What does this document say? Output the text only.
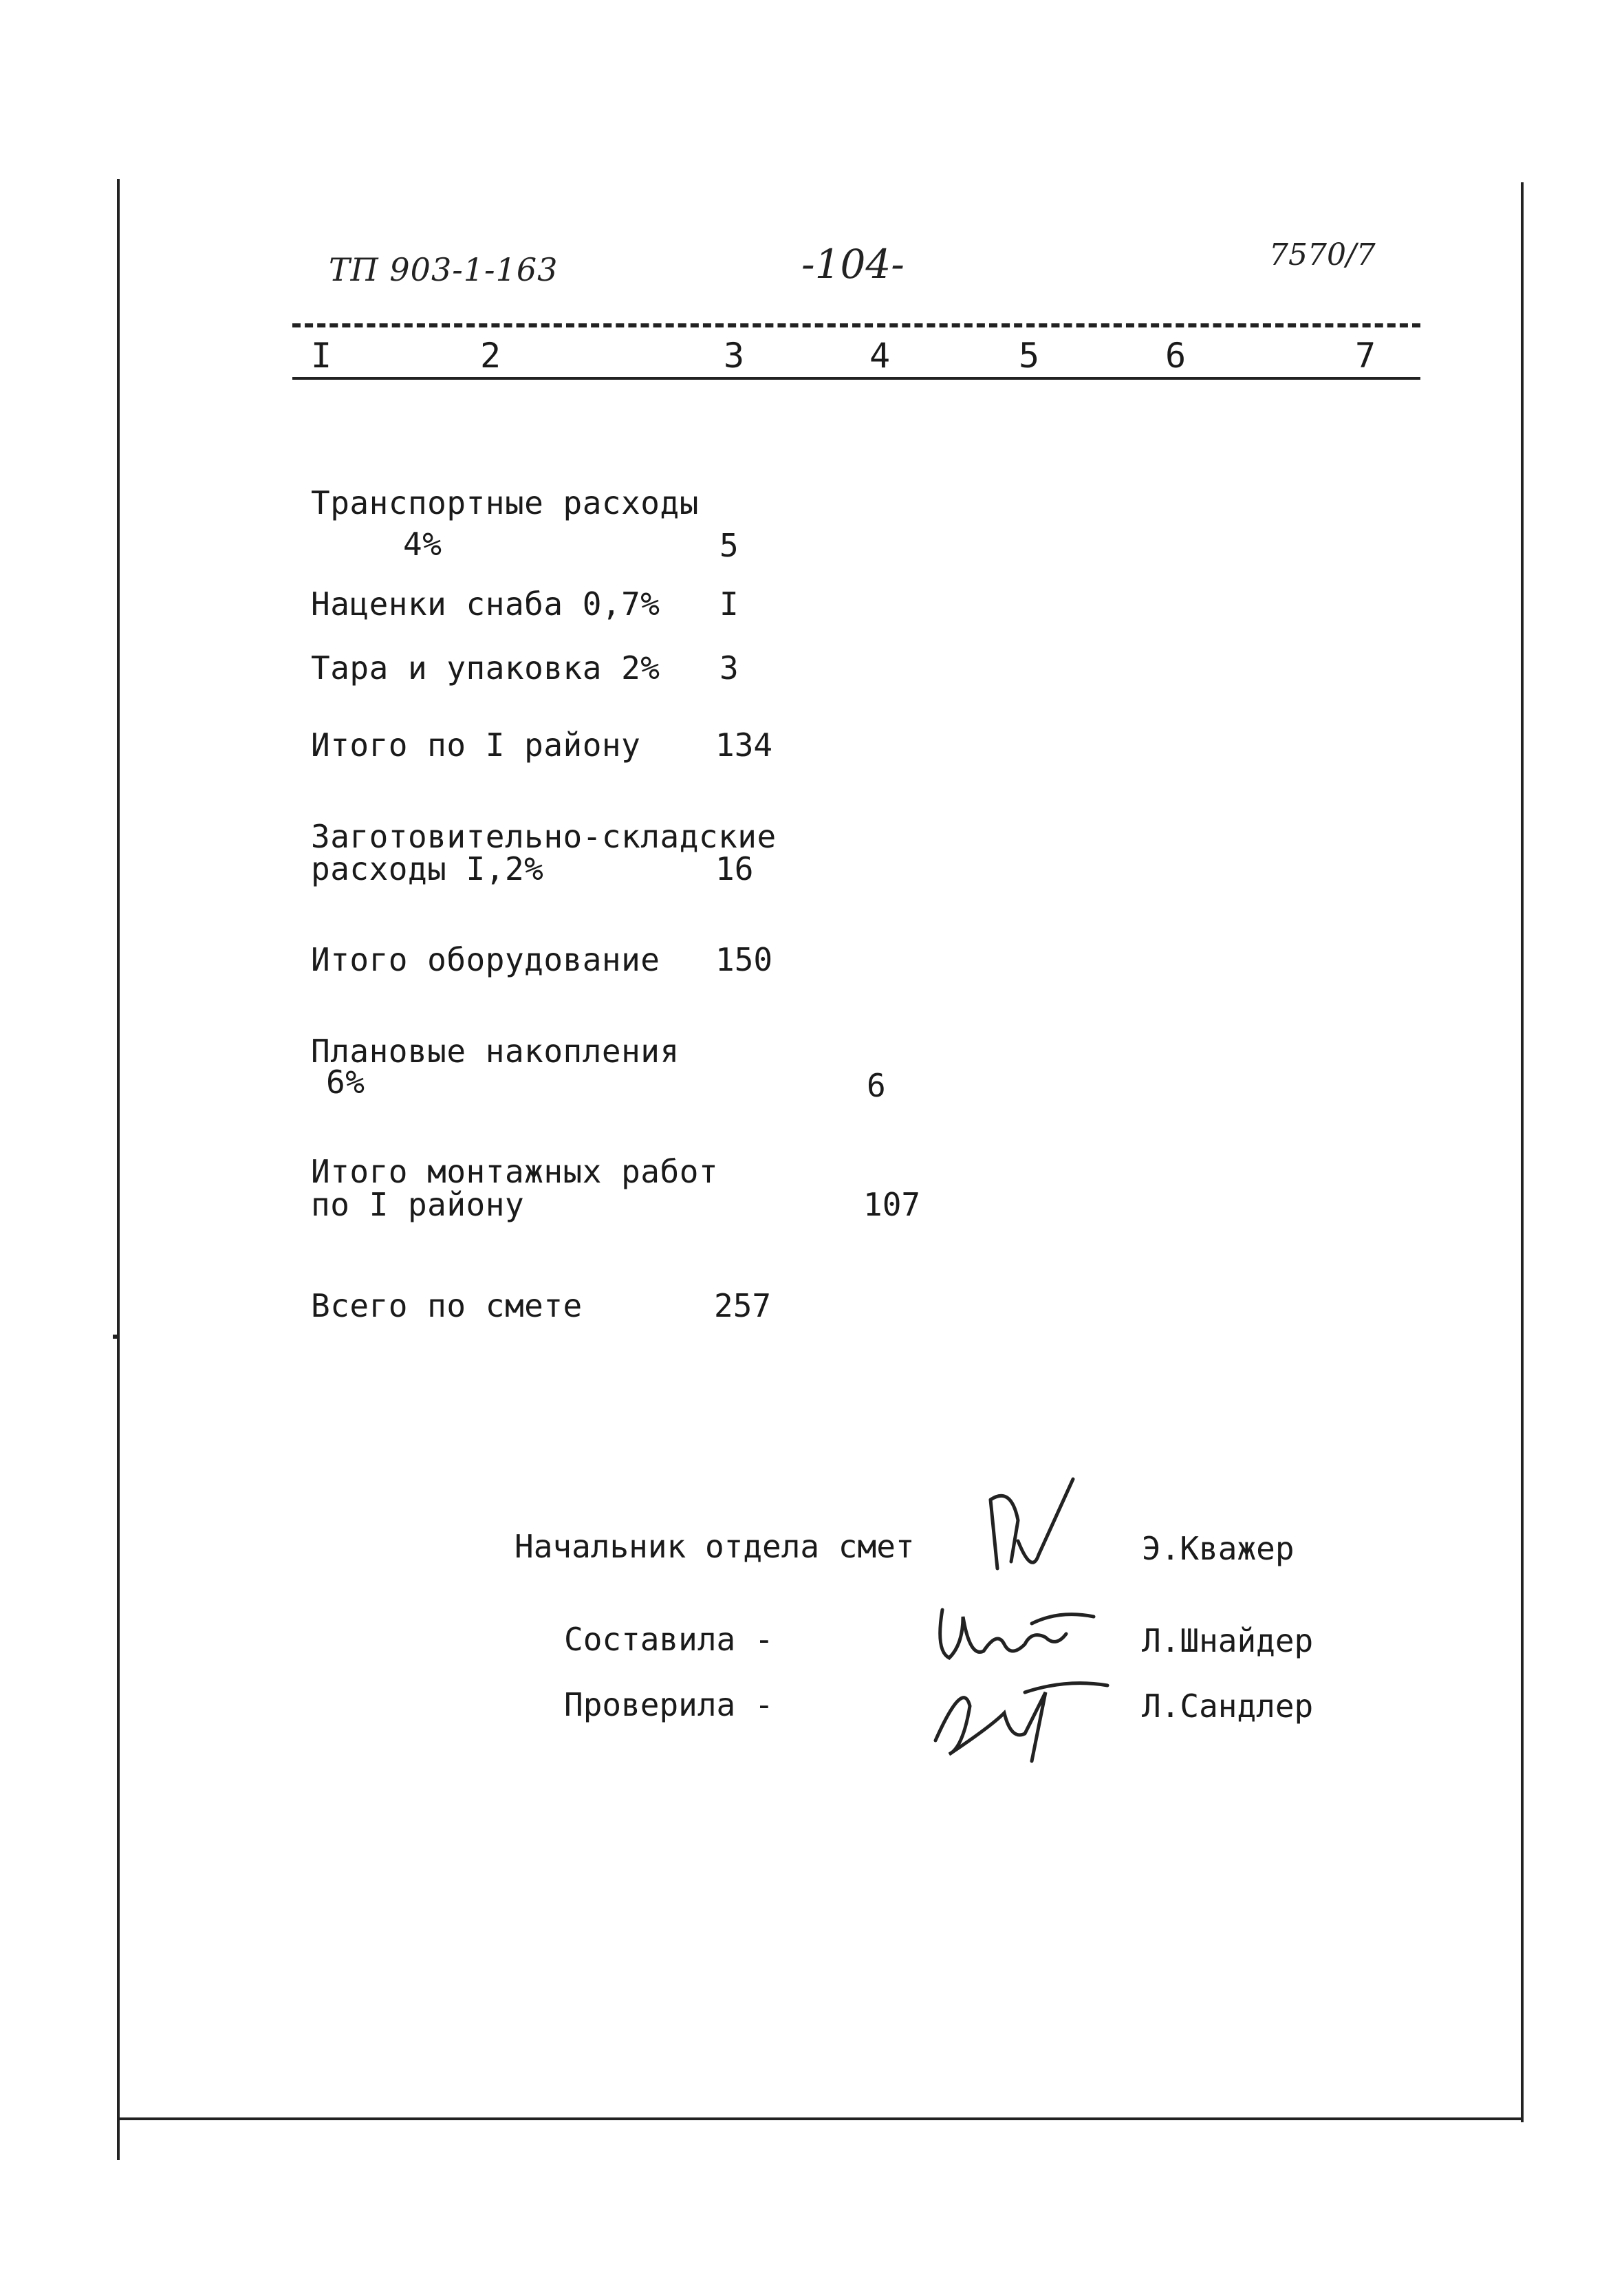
ТП 903-1-163	-104-	7570/7
I	2	3	4	5	6	7
Транспортные расходы
4%	5
Наценки снаба 0,7% I
Тара и упаковка 2% 3
Итого по I району 134
Заготовительно-складские
расходы I,2%	16
Итого оборудование 150
Плановые накопления
6%	6
Итого монтажных работ
по I району	107
Всего по смете	257
Начальник отдела смет	Э.Кважер
Составила -	Л.Шнайдер
Проверила -	Л.Сандлер
